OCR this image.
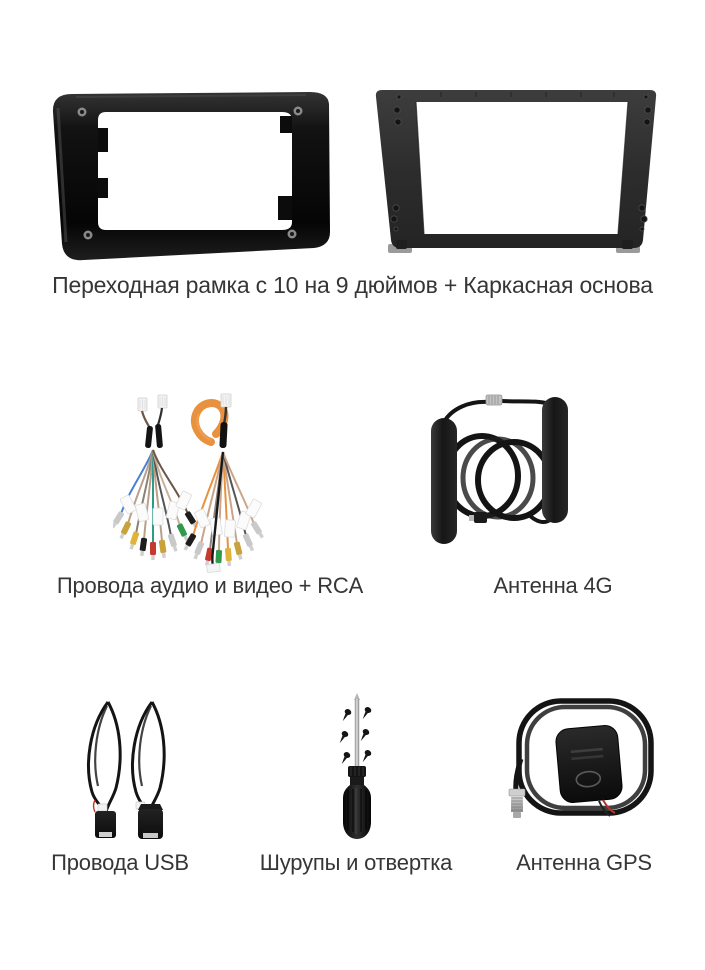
Переходная рамка с 10 на 9 дюймов + Каркасная основа
Провода аудио и видео + RCA	Антенна 4G
Провода USB	Шурупы и отвертка	Антенна GPS
